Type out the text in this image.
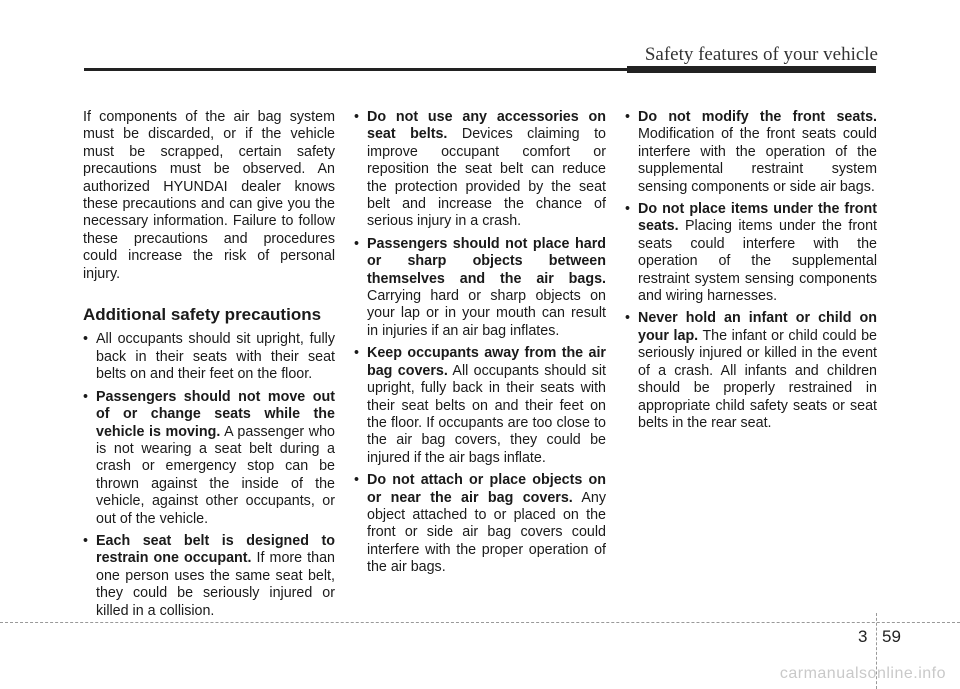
Safety features of your vehicle

If components of the air bag system must be discarded, or if the vehicle must be scrapped, certain safety precautions must be observed. An authorized HYUNDAI dealer knows these precautions and can give you the necessary information. Failure to follow these precautions and procedures could increase the risk of personal injury.

Additional safety precautions
• All occupants should sit upright, fully back in their seats with their seat belts on and their feet on the floor.
• Passengers should not move out of or change seats while the vehicle is moving. A passenger who is not wearing a seat belt during a crash or emergency stop can be thrown against the inside of the vehicle, against other occupants, or out of the vehicle.
• Each seat belt is designed to restrain one occupant. If more than one person uses the same seat belt, they could be seriously injured or killed in a collision.
• Do not use any accessories on seat belts. Devices claiming to improve occupant comfort or reposition the seat belt can reduce the protection provided by the seat belt and increase the chance of serious injury in a crash.
• Passengers should not place hard or sharp objects between themselves and the air bags. Carrying hard or sharp objects on your lap or in your mouth can result in injuries if an air bag inflates.
• Keep occupants away from the air bag covers. All occupants should sit upright, fully back in their seats with their seat belts on and their feet on the floor. If occupants are too close to the air bag covers, they could be injured if the air bags inflate.
• Do not attach or place objects on or near the air bag covers. Any object attached to or placed on the front or side air bag covers could interfere with the proper operation of the air bags.
• Do not modify the front seats. Modification of the front seats could interfere with the operation of the supplemental restraint system sensing components or side air bags.
• Do not place items under the front seats. Placing items under the front seats could interfere with the operation of the supplemental restraint system sensing components and wiring harnesses.
• Never hold an infant or child on your lap. The infant or child could be seriously injured or killed in the event of a crash. All infants and children should be properly restrained in appropriate child safety seats or seat belts in the rear seat.
3 59
carmanualsonline.info
